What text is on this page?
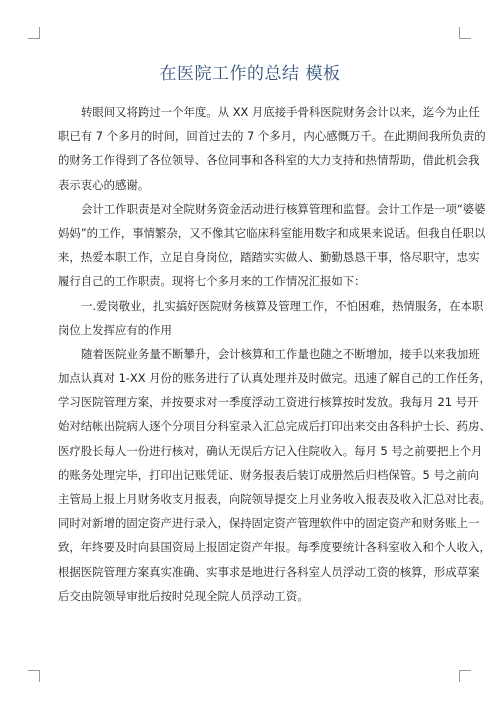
在医院工作的总结 模板
转眼间又将跨过一个年度。从 XX 月底接手骨科医院财务会计以来，迄今为止任
职已有 7 个多月的时间，回首过去的 7 个多月，内心感慨万千。在此期间我所负责的
的财务工作得到了各位领导、各位同事和各科室的大力支持和热情帮助，借此机会我
表示衷心的感谢。
会计工作职责是对全院财务资金活动进行核算管理和监督。会计工作是一项“婆婆
妈妈”的工作，事情繁杂，又不像其它临床科室能用数字和成果来说话。但我自任职以
来，热爱本职工作，立足自身岗位，踏踏实实做人、勤勤恳恳干事，恪尽职守，忠实
履行自己的工作职责。现将七个多月来的工作情况汇报如下：
一.爱岗敬业，扎实搞好医院财务核算及管理工作，不怕困难，热情服务，在本职
岗位上发挥应有的作用
随着医院业务量不断攀升，会计核算和工作量也随之不断增加，接手以来我加班
加点认真对 1-XX 月份的账务进行了认真处理并及时做完。迅速了解自己的工作任务，
学习医院管理方案，并按要求对一季度浮动工资进行核算按时发放。我每月 21 号开
始对结帐出院病人逐个分项目分科室录入汇总完成后打印出来交由各科护士长、药房、
医疗股长每人一份进行核对，确认无误后方记入住院收入。每月 5 号之前要把上个月
的账务处理完毕，打印出记账凭证、财务报表后装订成册然后归档保管。5 号之前向
主管局上报上月财务收支月报表，向院领导提交上月业务收入报表及收入汇总对比表。
同时对新增的固定资产进行录入，保持固定资产管理软件中的固定资产和财务账上一
致，年终要及时向县国资局上报固定资产年报。每季度要统计各科室收入和个人收入，
根据医院管理方案真实准确、实事求是地进行各科室人员浮动工资的核算，形成草案
后交由院领导审批后按时兑现全院人员浮动工资。
